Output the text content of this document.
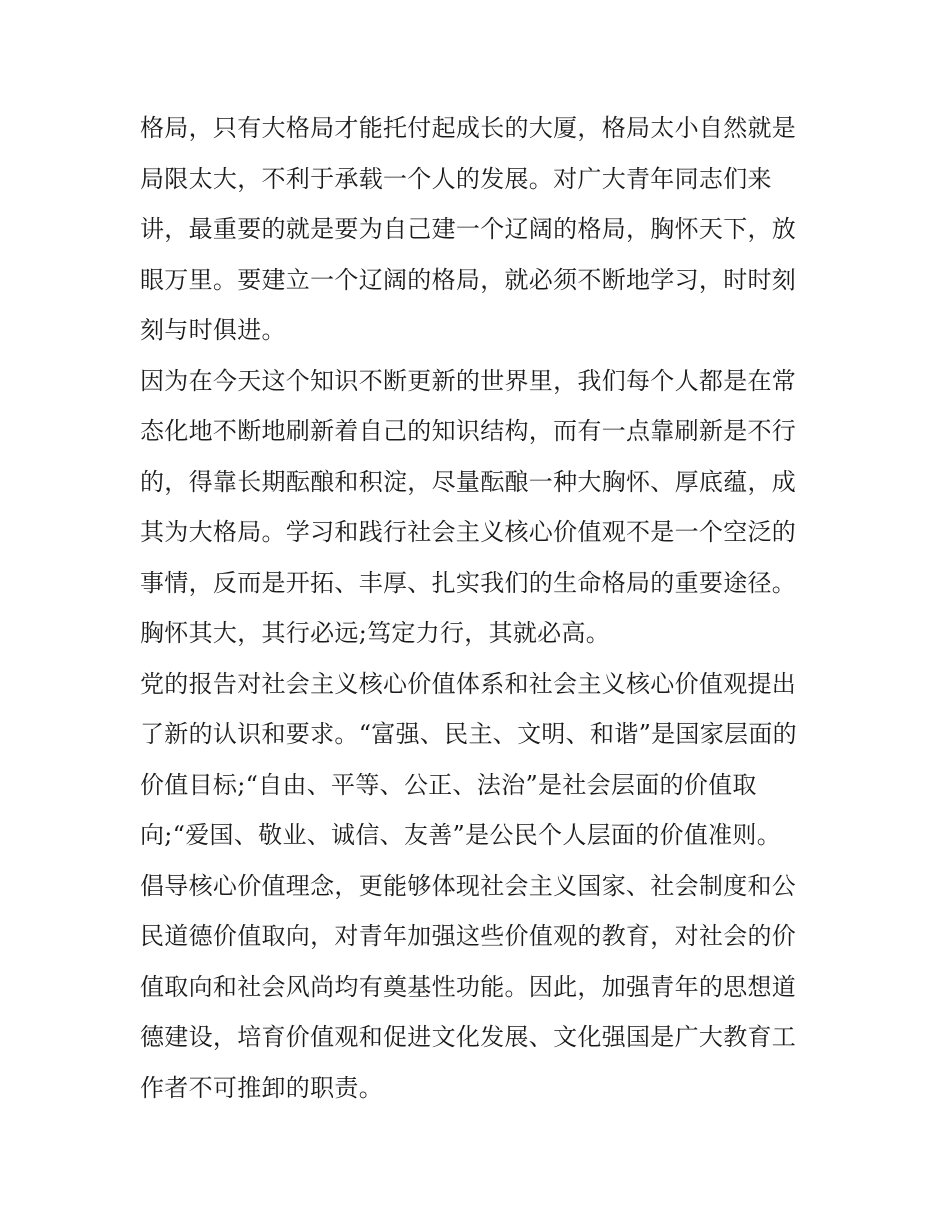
格局，只有大格局才能托付起成长的大厦，格局太小自然就是
局限太大，不利于承载一个人的发展。对广大青年同志们来
讲，最重要的就是要为自己建一个辽阔的格局，胸怀天下，放
眼万里。要建立一个辽阔的格局，就必须不断地学习，时时刻
刻与时俱进。
因为在今天这个知识不断更新的世界里，我们每个人都是在常
态化地不断地刷新着自己的知识结构，而有一点靠刷新是不行
的，得靠长期酝酿和积淀，尽量酝酿一种大胸怀、厚底蕴，成
其为大格局。学习和践行社会主义核心价值观不是一个空泛的
事情，反而是开拓、丰厚、扎实我们的生命格局的重要途径。
胸怀其大，其行必远;笃定力行，其就必高。
党的报告对社会主义核心价值体系和社会主义核心价值观提出
了新的认识和要求。“富强、民主、文明、和谐”是国家层面的
价值目标;“自由、平等、公正、法治”是社会层面的价值取
向;“爱国、敬业、诚信、友善”是公民个人层面的价值准则。
倡导核心价值理念，更能够体现社会主义国家、社会制度和公
民道德价值取向，对青年加强这些价值观的教育，对社会的价
值取向和社会风尚均有奠基性功能。因此，加强青年的思想道
德建设，培育价值观和促进文化发展、文化强国是广大教育工
作者不可推卸的职责。
